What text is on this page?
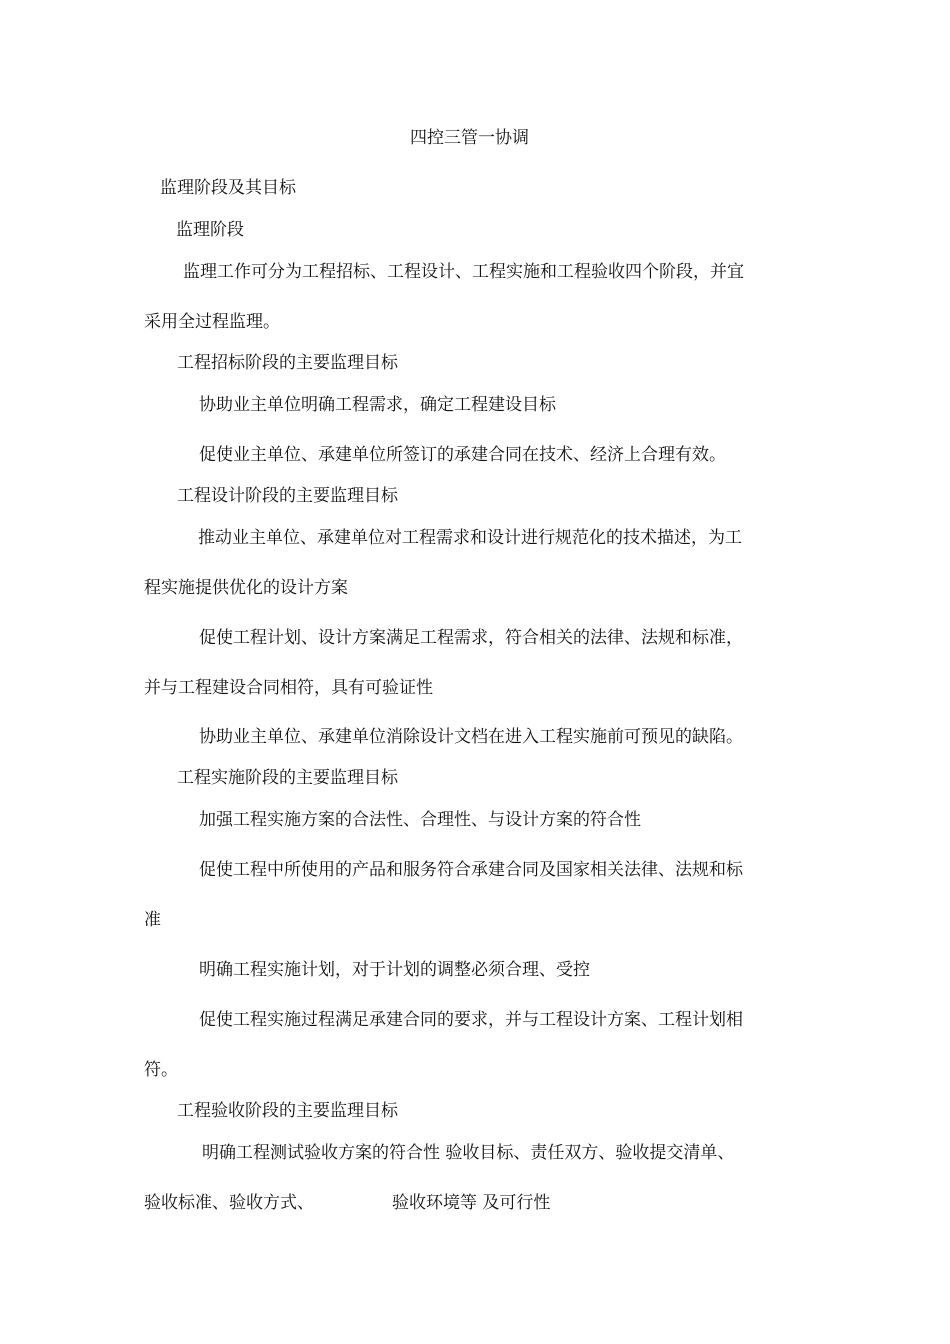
四控三管一协调

监理阶段及其目标

监理阶段

监理工作可分为工程招标、工程设计、工程实施和工程验收四个阶段，并宜

采用全过程监理。

工程招标阶段的主要监理目标

协助业主单位明确工程需求，确定工程建设目标

促使业主单位、承建单位所签订的承建合同在技术、经济上合理有效。

工程设计阶段的主要监理目标

推动业主单位、承建单位对工程需求和设计进行规范化的技术描述，为工

程实施提供优化的设计方案

促使工程计划、设计方案满足工程需求，符合相关的法律、法规和标准，

并与工程建设合同相符，具有可验证性

协助业主单位、承建单位消除设计文档在进入工程实施前可预见的缺陷。

工程实施阶段的主要监理目标

加强工程实施方案的合法性、合理性、与设计方案的符合性

促使工程中所使用的产品和服务符合承建合同及国家相关法律、法规和标

准

明确工程实施计划，对于计划的调整必须合理、受控

促使工程实施过程满足承建合同的要求，并与工程设计方案、工程计划相

符。

工程验收阶段的主要监理目标

明确工程测试验收方案的符合性 验收目标、责任双方、验收提交清单、

验收标准、验收方式、	验收环境等 及可行性
